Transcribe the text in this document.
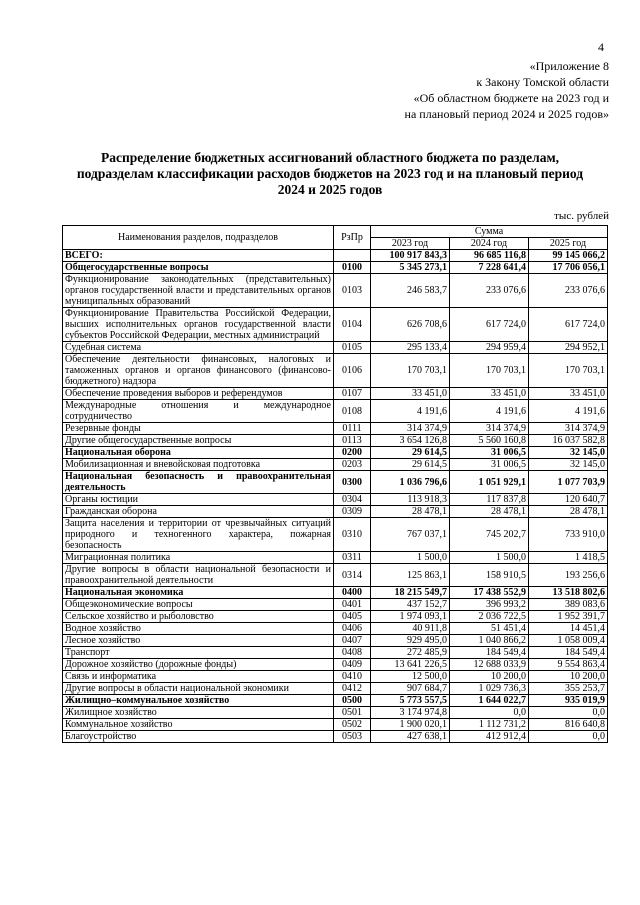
4
«Приложение 8
к Закону Томской области
«Об областном бюджете на 2023 год и
на плановый период 2024 и 2025 годов»
Распределение бюджетных ассигнований областного бюджета по разделам,
подразделам классификации расходов бюджетов на 2023 год и на плановый период
2024 и 2025 годов
тыс. рублей
Наименования разделов, подразделов	РзПр	Сумма		
		2023 год	2024 год	2025 год
ВСЕГО:		100 917 843,3	96 685 116,8	99 145 066,2
Общегосударственные вопросы	0100	5 345 273,1	7 228 641,4	17 706 056,1
Функционирование законодательных (представительных) органов государственной власти и представительных органов муниципальных образований	0103	246 583,7	233 076,6	233 076,6
Функционирование Правительства Российской Федерации, высших исполнительных органов государственной власти субъектов Российской Федерации, местных администраций	0104	626 708,6	617 724,0	617 724,0
Судебная система	0105	295 133,4	294 959,4	294 952,1
Обеспечение деятельности финансовых, налоговых и таможенных органов и органов финансового (финансово-бюджетного) надзора	0106	170 703,1	170 703,1	170 703,1
Обеспечение проведения выборов и референдумов	0107	33 451,0	33 451,0	33 451,0
Международные отношения и международное сотрудничество	0108	4 191,6	4 191,6	4 191,6
Резервные фонды	0111	314 374,9	314 374,9	314 374,9
Другие общегосударственные вопросы	0113	3 654 126,8	5 560 160,8	16 037 582,8
Национальная оборона	0200	29 614,5	31 006,5	32 145,0
Мобилизационная и вневойсковая подготовка	0203	29 614,5	31 006,5	32 145,0
Национальная безопасность и правоохранительная деятельность	0300	1 036 796,6	1 051 929,1	1 077 703,9
Органы юстиции	0304	113 918,3	117 837,8	120 640,7
Гражданская оборона	0309	28 478,1	28 478,1	28 478,1
Защита населения и территории от чрезвычайных ситуаций природного и техногенного характера, пожарная безопасность	0310	767 037,1	745 202,7	733 910,0
Миграционная политика	0311	1 500,0	1 500,0	1 418,5
Другие вопросы в области национальной безопасности и правоохранительной деятельности	0314	125 863,1	158 910,5	193 256,6
Национальная экономика	0400	18 215 549,7	17 438 552,9	13 518 802,6
Общеэкономические вопросы	0401	437 152,7	396 993,2	389 083,6
Сельское хозяйство и рыболовство	0405	1 974 093,1	2 036 722,5	1 952 391,7
Водное хозяйство	0406	40 911,8	51 451,4	14 451,4
Лесное хозяйство	0407	929 495,0	1 040 866,2	1 058 009,4
Транспорт	0408	272 485,9	184 549,4	184 549,4
Дорожное хозяйство (дорожные фонды)	0409	13 641 226,5	12 688 033,9	9 554 863,4
Связь и информатика	0410	12 500,0	10 200,0	10 200,0
Другие вопросы в области национальной экономики	0412	907 684,7	1 029 736,3	355 253,7
Жилищно–коммунальное хозяйство	0500	5 773 557,5	1 644 022,7	935 019,9
Жилищное хозяйство	0501	3 174 974,8	0,0	0,0
Коммунальное хозяйство	0502	1 900 020,1	1 112 731,2	816 640,8
Благоустройство	0503	427 638,1	412 912,4	0,0
